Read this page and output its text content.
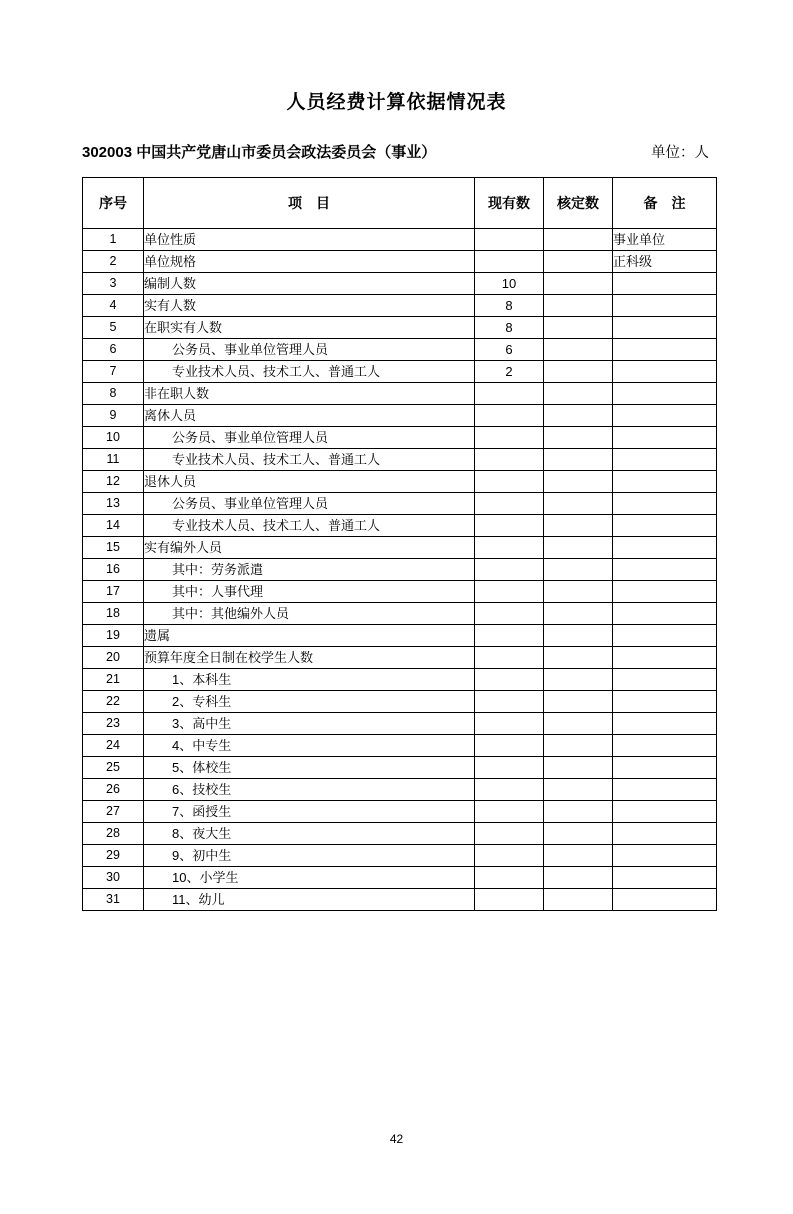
人员经费计算依据情况表
302003 中国共产党唐山市委员会政法委员会（事业）	单位：人
序号	项　目	现有数	核定数	备　注
1	单位性质			事业单位
2	单位规格			正科级
3	编制人数	10		
4	实有人数	8		
5	在职实有人数	8		
6	公务员、事业单位管理人员	6		
7	专业技术人员、技术工人、普通工人	2		
8	非在职人数			
9	离休人员			
10	公务员、事业单位管理人员			
11	专业技术人员、技术工人、普通工人			
12	退休人员			
13	公务员、事业单位管理人员			
14	专业技术人员、技术工人、普通工人			
15	实有编外人员			
16	其中：劳务派遣			
17	其中：人事代理			
18	其中：其他编外人员			
19	遗属			
20	预算年度全日制在校学生人数			
21	1、本科生			
22	2、专科生			
23	3、高中生			
24	4、中专生			
25	5、体校生			
26	6、技校生			
27	7、函授生			
28	8、夜大生			
29	9、初中生			
30	10、小学生			
31	11、幼儿			
42
